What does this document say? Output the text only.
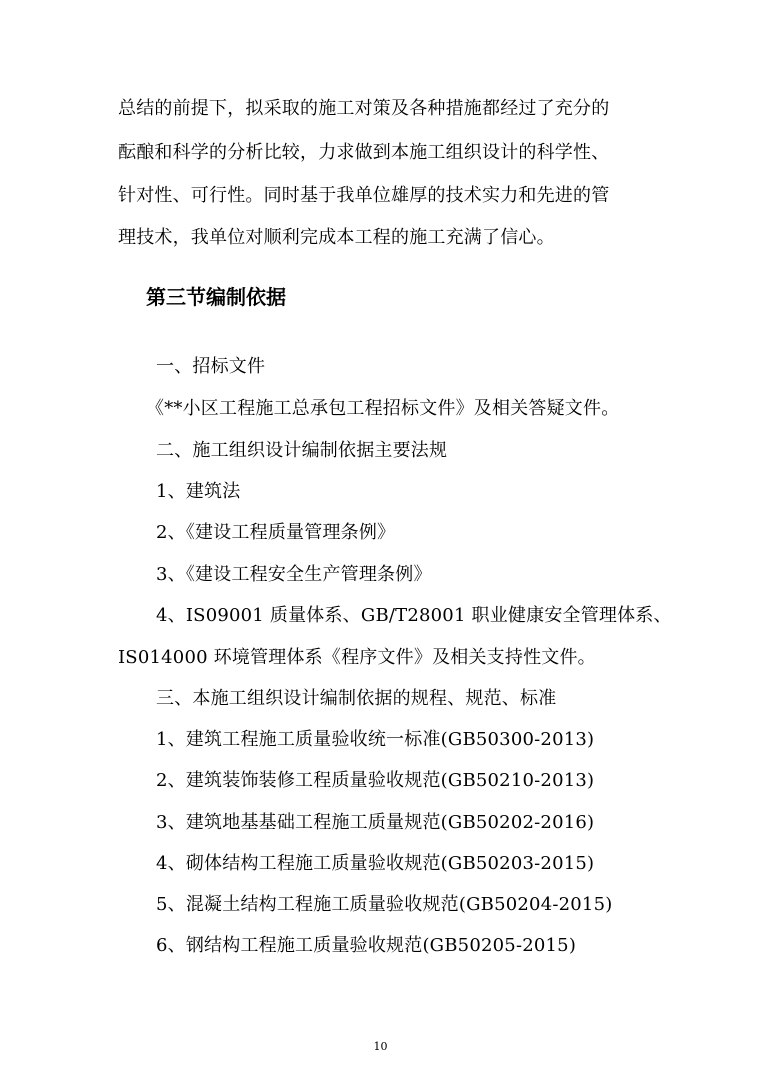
总结的前提下，拟采取的施工对策及各种措施都经过了充分的
酝酿和科学的分析比较，力求做到本施工组织设计的科学性、
针对性、可行性。同时基于我单位雄厚的技术实力和先进的管
理技术，我单位对顺利完成本工程的施工充满了信心。
第三节编制依据
一、招标文件
《**小区工程施工总承包工程招标文件》及相关答疑文件。
二、施工组织设计编制依据主要法规
1、建筑法
2、《建设工程质量管理条例》
3、《建设工程安全生产管理条例》
4、IS09001 质量体系、GB/T28001 职业健康安全管理体系、
IS014000 环境管理体系《程序文件》及相关支持性文件。
三、本施工组织设计编制依据的规程、规范、标准
1、建筑工程施工质量验收统一标准(GB50300-2013)
2、建筑装饰装修工程质量验收规范(GB50210-2013)
3、建筑地基基础工程施工质量规范(GB50202-2016)
4、砌体结构工程施工质量验收规范(GB50203-2015)
5、混凝土结构工程施工质量验收规范(GB50204-2015)
6、钢结构工程施工质量验收规范(GB50205-2015)
10
